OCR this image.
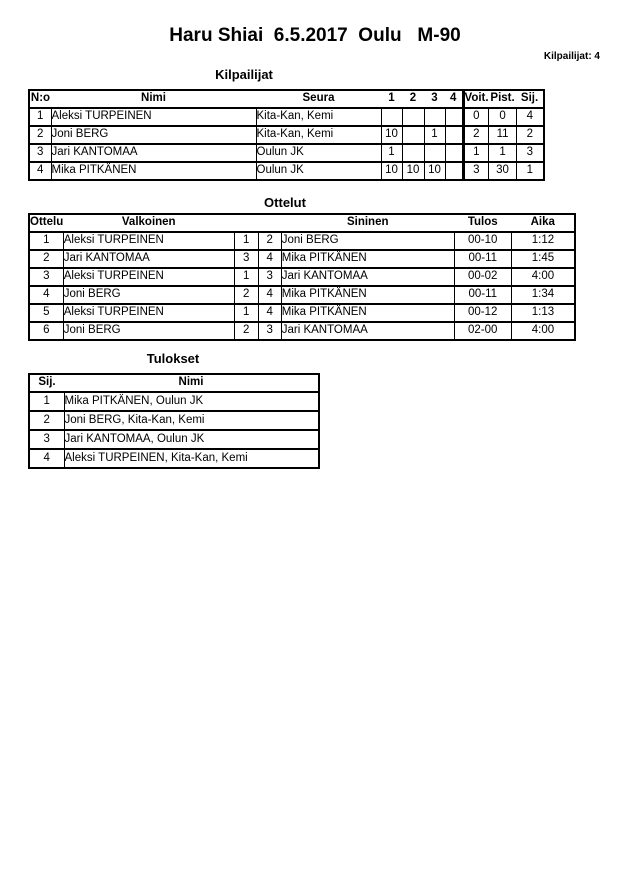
Haru Shiai  6.5.2017  Oulu   M-90
Kilpailijat: 4
Kilpailijat
N:o	Nimi	Seura	1	2	3	4	Voit.	Pist.	Sij.
1	Aleksi TURPEINEN	Kita-Kan, Kemi					0	0	4
2	Joni BERG	Kita-Kan, Kemi	10		1		2	11	2
3	Jari KANTOMAA	Oulun JK	1				1	1	3
4	Mika PITKÄNEN	Oulun JK	10	10	10		3	30	1
Ottelut
Ottelu	Valkoinen			Sininen	Tulos	Aika
1	Aleksi TURPEINEN	1	2	Joni BERG	00-10	1:12
2	Jari KANTOMAA	3	4	Mika PITKÄNEN	00-11	1:45
3	Aleksi TURPEINEN	1	3	Jari KANTOMAA	00-02	4:00
4	Joni BERG	2	4	Mika PITKÄNEN	00-11	1:34
5	Aleksi TURPEINEN	1	4	Mika PITKÄNEN	00-12	1:13
6	Joni BERG	2	3	Jari KANTOMAA	02-00	4:00
Tulokset
Sij.	Nimi
1	Mika PITKÄNEN, Oulun JK
2	Joni BERG, Kita-Kan, Kemi
3	Jari KANTOMAA, Oulun JK
4	Aleksi TURPEINEN, Kita-Kan, Kemi
